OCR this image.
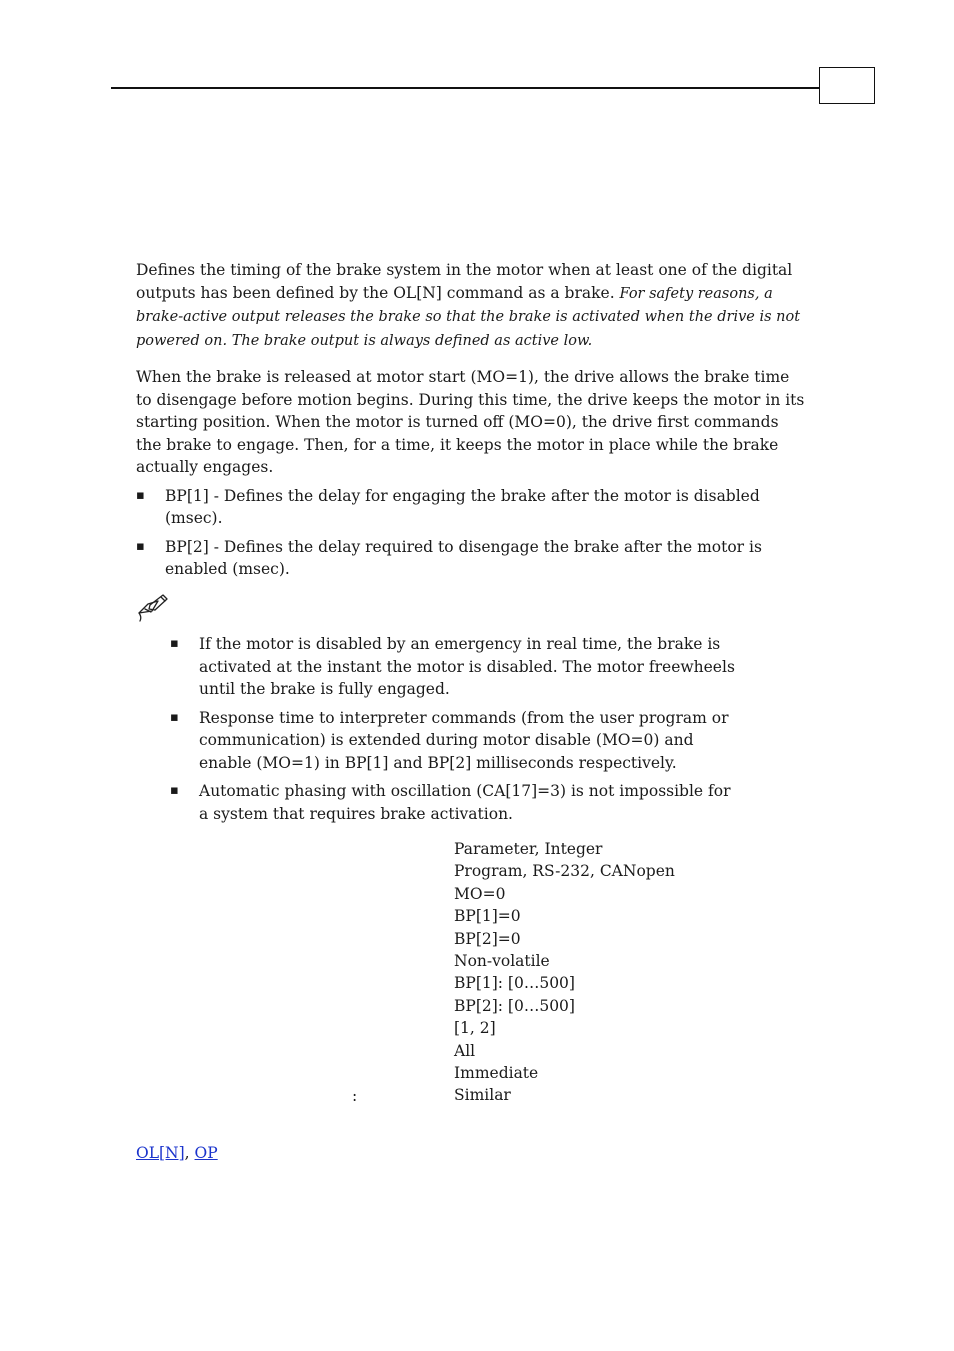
Defines the timing of the brake system in the motor when at least one of the digital outputs has been defined by the OL[N] command as a brake. For safety reasons, a brake-active output releases the brake so that the brake is activated when the drive is not powered on. The brake output is always defined as active low.

When the brake is released at motor start (MO=1), the drive allows the brake time to disengage before motion begins. During this time, the drive keeps the motor in its starting position. When the motor is turned off (MO=0), the drive first commands the brake to engage. Then, for a time, it keeps the motor in place while the brake actually engages.

▪ BP[1] - Defines the delay for engaging the brake after the motor is disabled (msec).
▪ BP[2] - Defines the delay required to disengage the brake after the motor is enabled (msec).
▪ If the motor is disabled by an emergency in real time, the brake is activated at the instant the motor is disabled. The motor freewheels until the brake is fully engaged.
▪ Response time to interpreter commands (from the user program or communication) is extended during motor disable (MO=0) and enable (MO=1) in BP[1] and BP[2] milliseconds respectively.
▪ Automatic phasing with oscillation (CA[17]=3) is not impossible for a system that requires brake activation.
Parameter, Integer
Program, RS-232, CANopen
MO=0
BP[1]=0
BP[2]=0
Non-volatile
BP[1]: [0…500]
BP[2]: [0…500]
[1, 2]
All
Immediate
Similar
:
OL[N], OP
